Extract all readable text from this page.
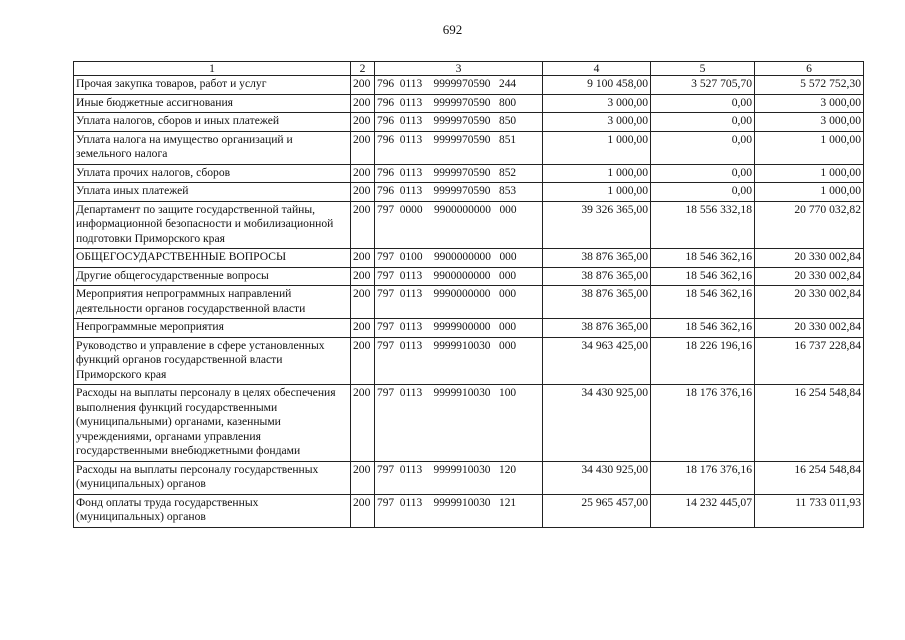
692
1	2	3	4	5	6
Прочая закупка товаров, работ и услуг	200	796  0113    9999970590   244	9 100 458,00	3 527 705,70	5 572 752,30
Иные бюджетные ассигнования	200	796  0113    9999970590   800	3 000,00	0,00	3 000,00
Уплата налогов, сборов и иных платежей	200	796  0113    9999970590   850	3 000,00	0,00	3 000,00
Уплата налога на имущество организаций и земельного налога	200	796  0113    9999970590   851	1 000,00	0,00	1 000,00
Уплата прочих налогов, сборов	200	796  0113    9999970590   852	1 000,00	0,00	1 000,00
Уплата иных платежей	200	796  0113    9999970590   853	1 000,00	0,00	1 000,00
Департамент по защите государственной тайны, информационной безопасности и мобилизационной подготовки Приморского края	200	797  0000    9900000000   000	39 326 365,00	18 556 332,18	20 770 032,82
ОБЩЕГОСУДАРСТВЕННЫЕ ВОПРОСЫ	200	797  0100    9900000000   000	38 876 365,00	18 546 362,16	20 330 002,84
Другие общегосударственные вопросы	200	797  0113    9900000000   000	38 876 365,00	18 546 362,16	20 330 002,84
Мероприятия непрограммных направлений деятельности органов государственной власти	200	797  0113    9990000000   000	38 876 365,00	18 546 362,16	20 330 002,84
Непрограммные мероприятия	200	797  0113    9999900000   000	38 876 365,00	18 546 362,16	20 330 002,84
Руководство и управление в сфере установленных функций органов государственной власти Приморского края	200	797  0113    9999910030   000	34 963 425,00	18 226 196,16	16 737 228,84
Расходы на выплаты персоналу в целях обеспечения выполнения функций государственными (муниципальными) органами, казенными учреждениями, органами управления государственными внебюджетными фондами	200	797  0113    9999910030   100	34 430 925,00	18 176 376,16	16 254 548,84
Расходы на выплаты персоналу государственных (муниципальных) органов	200	797  0113    9999910030   120	34 430 925,00	18 176 376,16	16 254 548,84
Фонд оплаты труда государственных (муниципальных) органов	200	797  0113    9999910030   121	25 965 457,00	14 232 445,07	11 733 011,93
